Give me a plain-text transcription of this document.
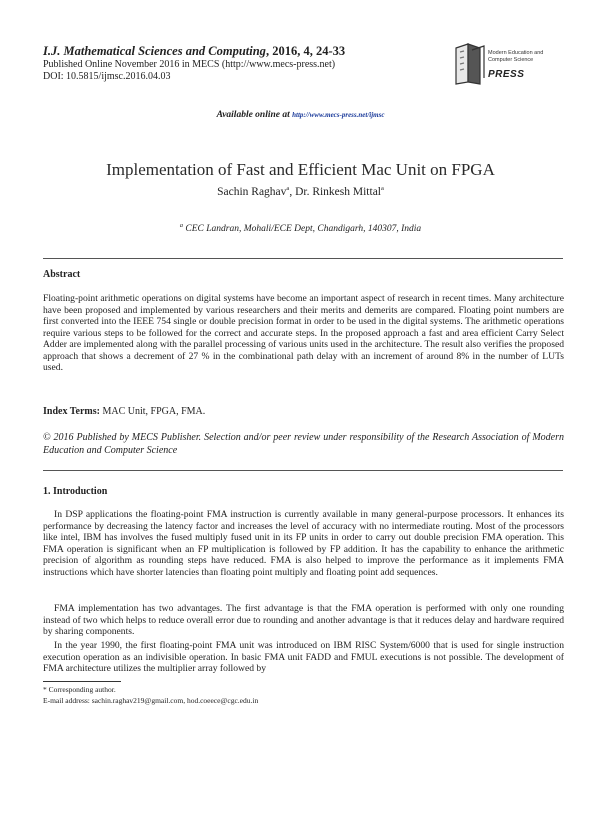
I.J. Mathematical Sciences and Computing, 2016, 4, 24-33
Published Online November 2016 in MECS (http://www.mecs-press.net)
DOI: 10.5815/ijmsc.2016.04.03
Modern Education and Computer Science
PRESS
Available online at http://www.mecs-press.net/ijmsc
Implementation of Fast and Efficient Mac Unit on FPGA
Sachin Raghav$^a$, Dr. Rinkesh Mittal$^a$
$^a$ CEC Landran, Mohali/ECE Dept, Chandigarh, 140307, India
Abstract
Floating-point arithmetic operations on digital systems have become an important aspect of research in recent times. Many architecture have been proposed and implemented by various researchers and their merits and demerits are compared. Floating point numbers are first converted into the IEEE 754 single or double precision format in order to be used in the digital systems. The arithmetic operations require various steps to be followed for the correct and accurate steps. In the proposed approach a fast and area efficient Carry Select Adder are implemented along with the parallel processing of various units used in the architecture. The result also verifies the proposed approach that shows a decrement of 27 % in the combinational path delay with an increment of around 8% in the number of LUTs used.
Index Terms: MAC Unit, FPGA, FMA.
© 2016 Published by MECS Publisher. Selection and/or peer review under responsibility of the Research Association of Modern Education and Computer Science
1. Introduction
In DSP applications the floating-point FMA instruction is currently available in many general-purpose processors. It enhances its performance by decreasing the latency factor and increases the level of accuracy with no intermediate routing. Most of the processors like intel, IBM has involves the fused multiply fused unit in its FP units in order to carry out double precision FMA operation. This FMA operation is significant when an FP multiplication is followed by FP addition. It has the capability to enhance the arithmetic precision of algorithm as rounding steps have reduced. FMA is also helped to improve the performance as it implements FMA instructions which have shorter latencies than floating point multiply and floating point add sequences.
FMA implementation has two advantages. The first advantage is that the FMA operation is performed with only one rounding instead of two which helps to reduce overall error due to rounding and another advantage is that it reduces delay and hardware required by sharing components.
In the year 1990, the first floating-point FMA unit was introduced on IBM RISC System/6000 that is used for single instruction execution operation as an indivisible operation. In basic FMA unit FADD and FMUL executions is not possible. The development of FMA architecture utilizes the multiplier array followed by
* Corresponding author.
E-mail address: sachin.raghav219@gmail.com, hod.coeece@cgc.edu.in
